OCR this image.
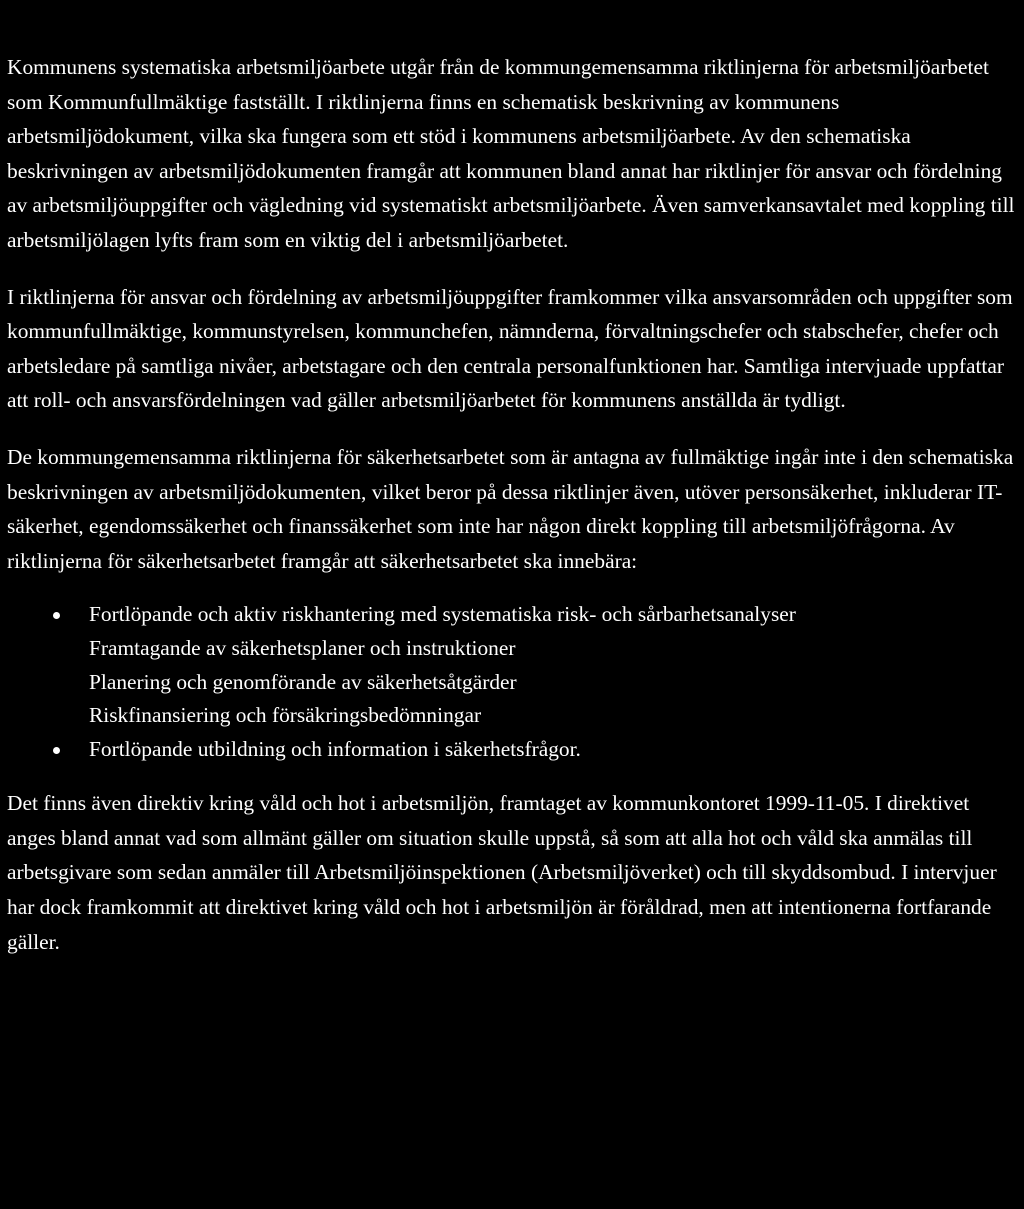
Kommunens systematiska arbetsmiljöarbete utgår från de kommungemensamma riktlinjerna för arbetsmiljöarbetet som Kommunfullmäktige fastställt. I riktlinjerna finns en schematisk beskrivning av kommunens arbetsmiljödokument, vilka ska fungera som ett stöd i kommunens arbetsmiljöarbete. Av den schematiska beskrivningen av arbetsmiljödokumenten framgår att kommunen bland annat har riktlinjer för ansvar och fördelning av arbetsmiljöuppgifter och vägledning vid systematiskt arbetsmiljöarbete. Även samverkansavtalet med koppling till arbetsmiljölagen lyfts fram som en viktig del i arbetsmiljöarbetet.

I riktlinjerna för ansvar och fördelning av arbetsmiljöuppgifter framkommer vilka ansvarsområden och uppgifter som kommunfullmäktige, kommunstyrelsen, kommunchefen, nämnderna, förvaltningschefer och stabschefer, chefer och arbetsledare på samtliga nivåer, arbetstagare och den centrala personalfunktionen har. Samtliga intervjuade uppfattar att roll- och ansvarsfördelningen vad gäller arbetsmiljöarbetet för kommunens anställda är tydligt.

De kommungemensamma riktlinjerna för säkerhetsarbetet som är antagna av fullmäktige ingår inte i den schematiska beskrivningen av arbetsmiljödokumenten, vilket beror på dessa riktlinjer även, utöver personsäkerhet, inkluderar IT-säkerhet, egendomssäkerhet och finanssäkerhet som inte har någon direkt koppling till arbetsmiljöfrågorna. Av riktlinjerna för säkerhetsarbetet framgår att säkerhetsarbetet ska innebära:

Fortlöpande och aktiv riskhantering med systematiska risk- och sårbarhetsanalyser
Framtagande av säkerhetsplaner och instruktioner
Planering och genomförande av säkerhetsåtgärder
Riskfinansiering och försäkringsbedömningar
Fortlöpande utbildning och information i säkerhetsfrågor.

Det finns även direktiv kring våld och hot i arbetsmiljön, framtaget av kommunkontoret 1999-11-05. I direktivet anges bland annat vad som allmänt gäller om situation skulle uppstå, så som att alla hot och våld ska anmälas till arbetsgivare som sedan anmäler till Arbetsmiljöinspektionen (Arbetsmiljöverket) och till skyddsombud. I intervjuer har dock framkommit att direktivet kring våld och hot i arbetsmiljön är föråldrad, men att intentionerna fortfarande gäller.
